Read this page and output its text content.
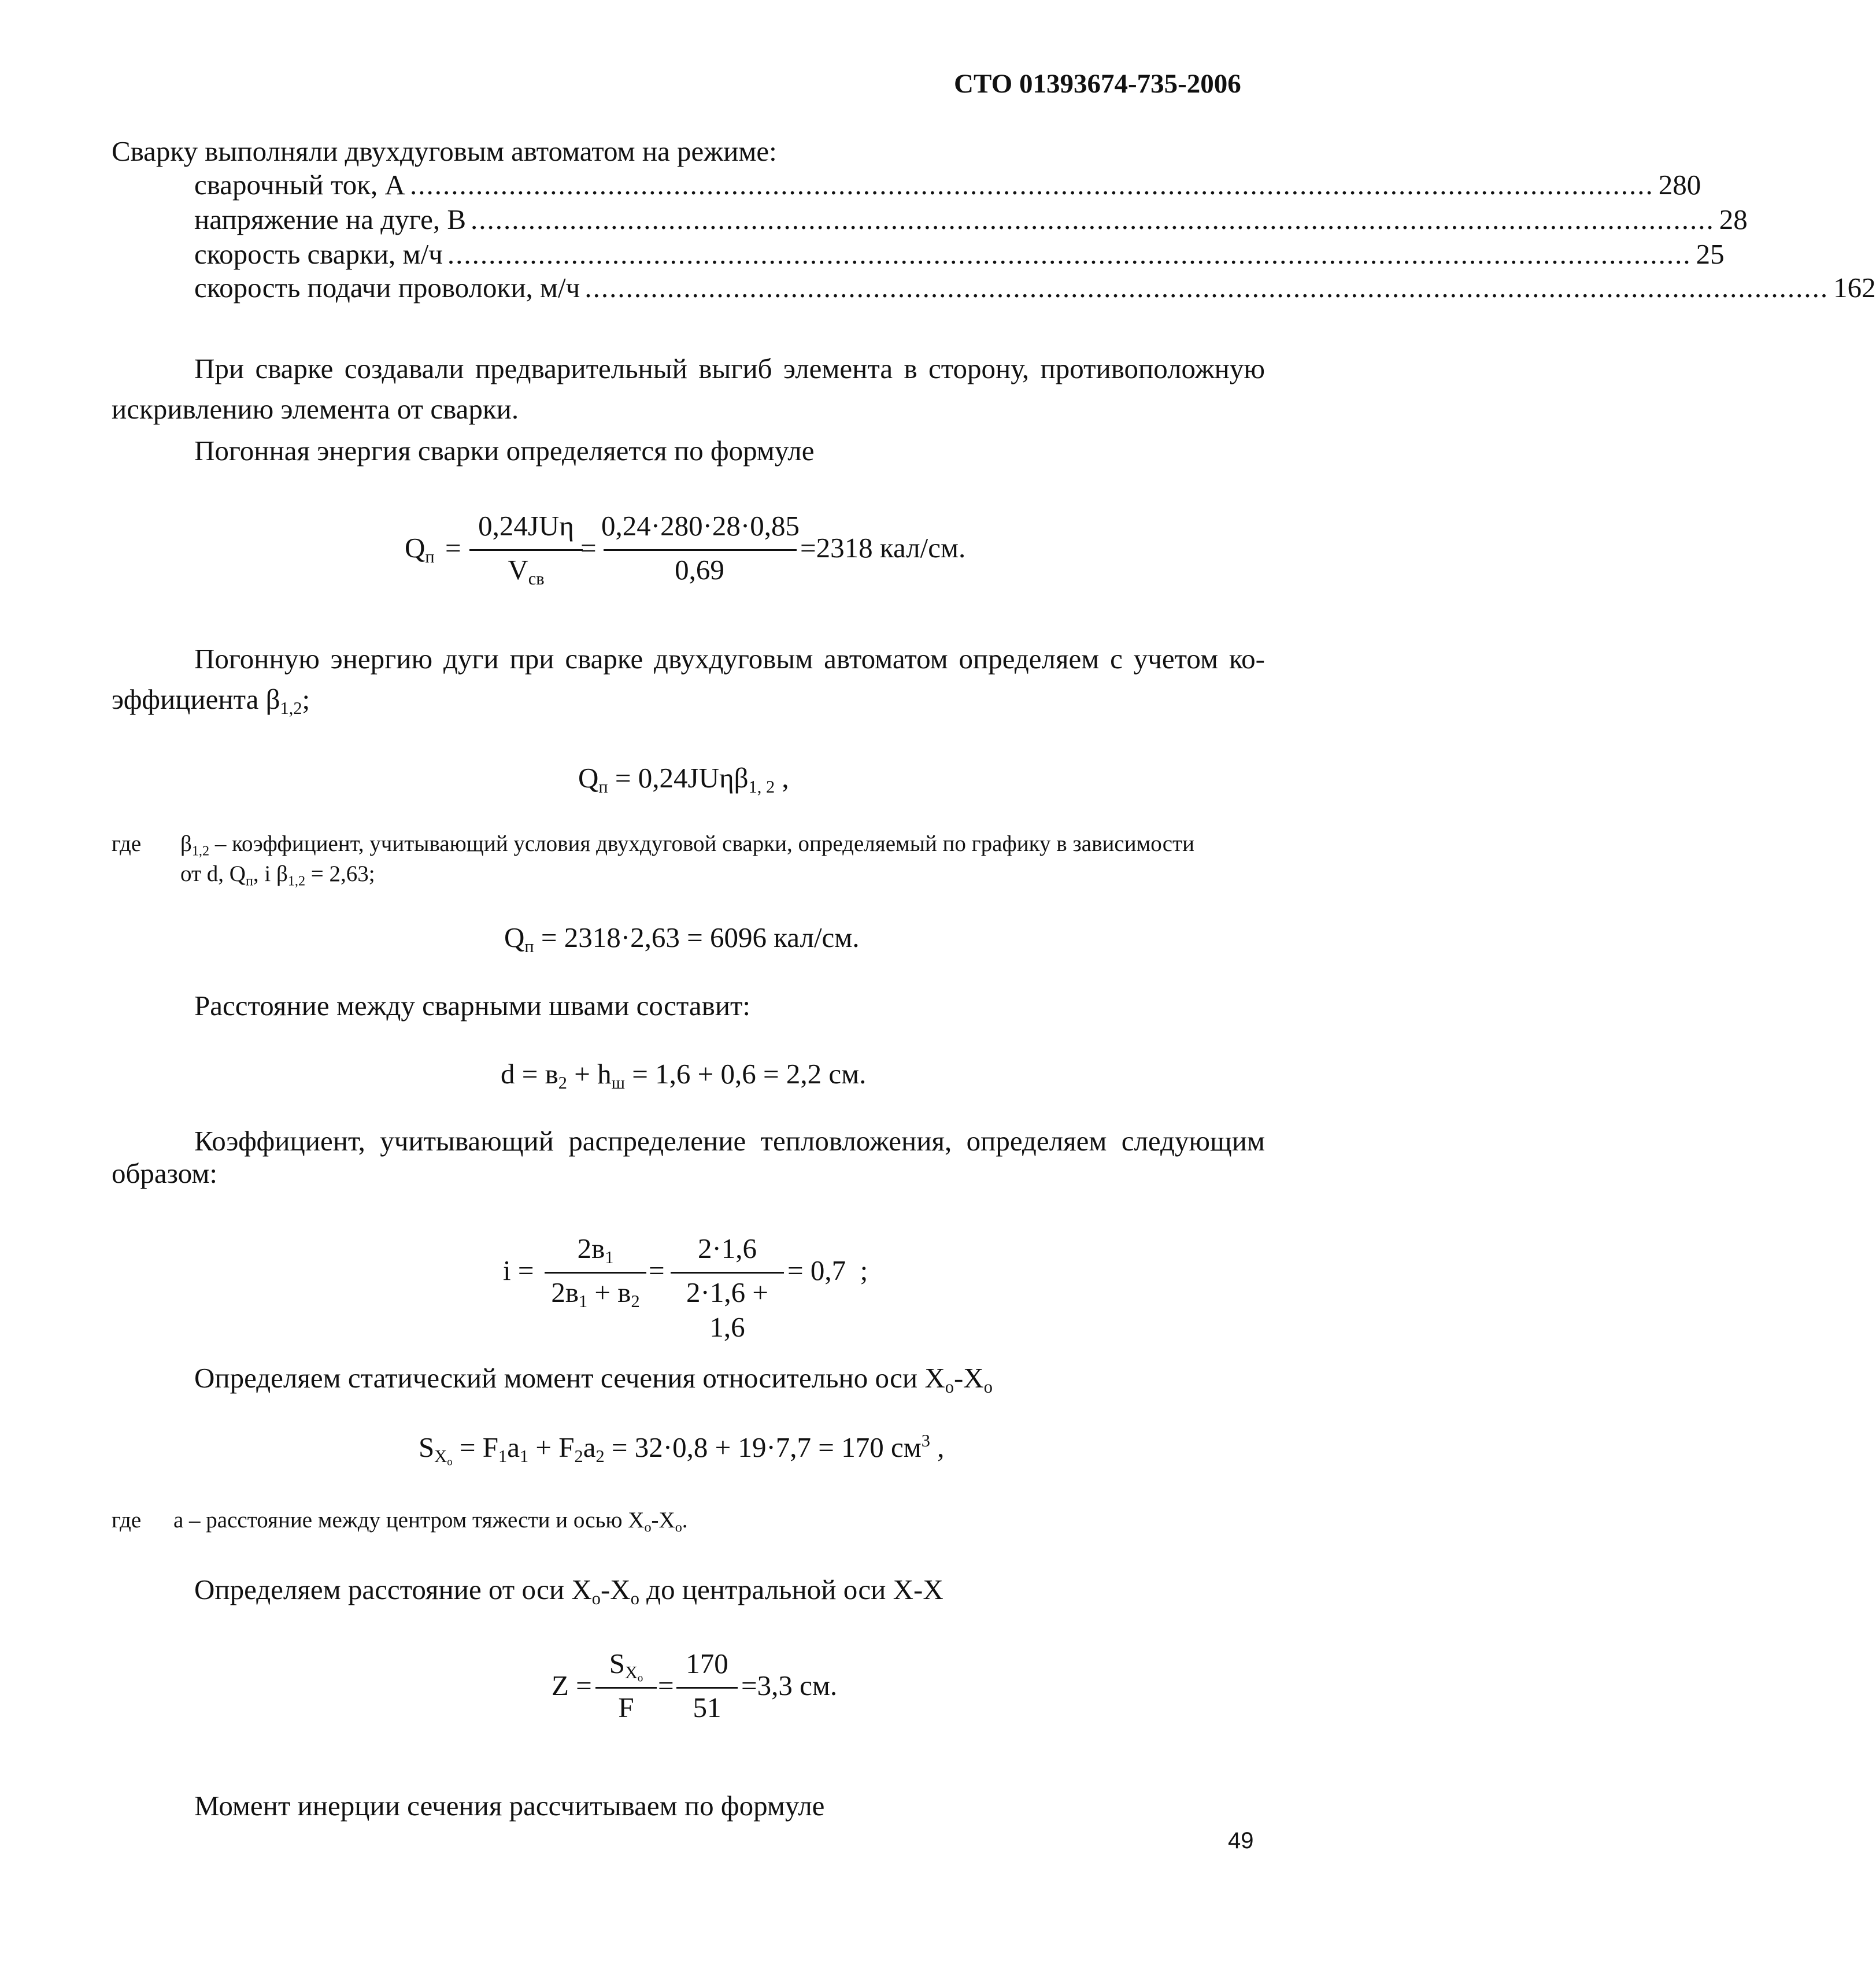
СТО 01393674-735-2006
Сварку выполняли двухдуговым автоматом на режиме:
сварочный ток, А ....................................................................................................................................................... 280
напряжение на дуге, В ....................................................................................................................................................... 28
скорость сварки, м/ч ....................................................................................................................................................... 25
скорость подачи проволоки, м/ч ....................................................................................................................................................... 162
При сварке создавали предварительный выгиб элемента в сторону, противоположную
искривлению элемента от сварки.
Погонная энергия сварки определяется по формуле
$Q_п$ =
0,24JUη
$V_{св}$
=
0,24·280·28·0,85
0,69
=2318 кал/см.
Погонную энергию дуги при сварке двухдуговым автоматом определяем с учетом ко-
эффициента $\beta_{1,2}$;
$Q_п = 0,24JU\eta\beta_{1, 2}$ ,
где $\beta_{1,2}$ – коэффициент, учитывающий условия двухдуговой сварки, определяемый по графику в зависимости
от d, $Q_п$, i $\beta_{1,2} = 2,63$;
$Q_п = 2318\cdot 2,63 = 6096$ кал/см.
Расстояние между сварными швами составит:
$d = в_2 + h_ш = 1,6 + 0,6 = 2,2$ см.
Коэффициент, учитывающий распределение тепловложения, определяем следующим
образом:
i =
$2в_1$
$2в_1 + в_2$
=
2·1,6
2·1,6 + 1,6
= 0,7  ;
Определяем статический момент сечения относительно оси $X_о-X_о$
$S_{X_о} = F_1a_1 + F_2a_2 = 32\cdot 0,8 + 19\cdot 7,7 = 170$ $см^3$ ,
где a – расстояние между центром тяжести и осью $X_о-X_о$.
Определяем расстояние от оси $X_о-X_о$ до центральной оси X-X
Z =
$S_{X_о}$
F
=
170
51
=3,3 см.
Момент инерции сечения рассчитываем по формуле
49
